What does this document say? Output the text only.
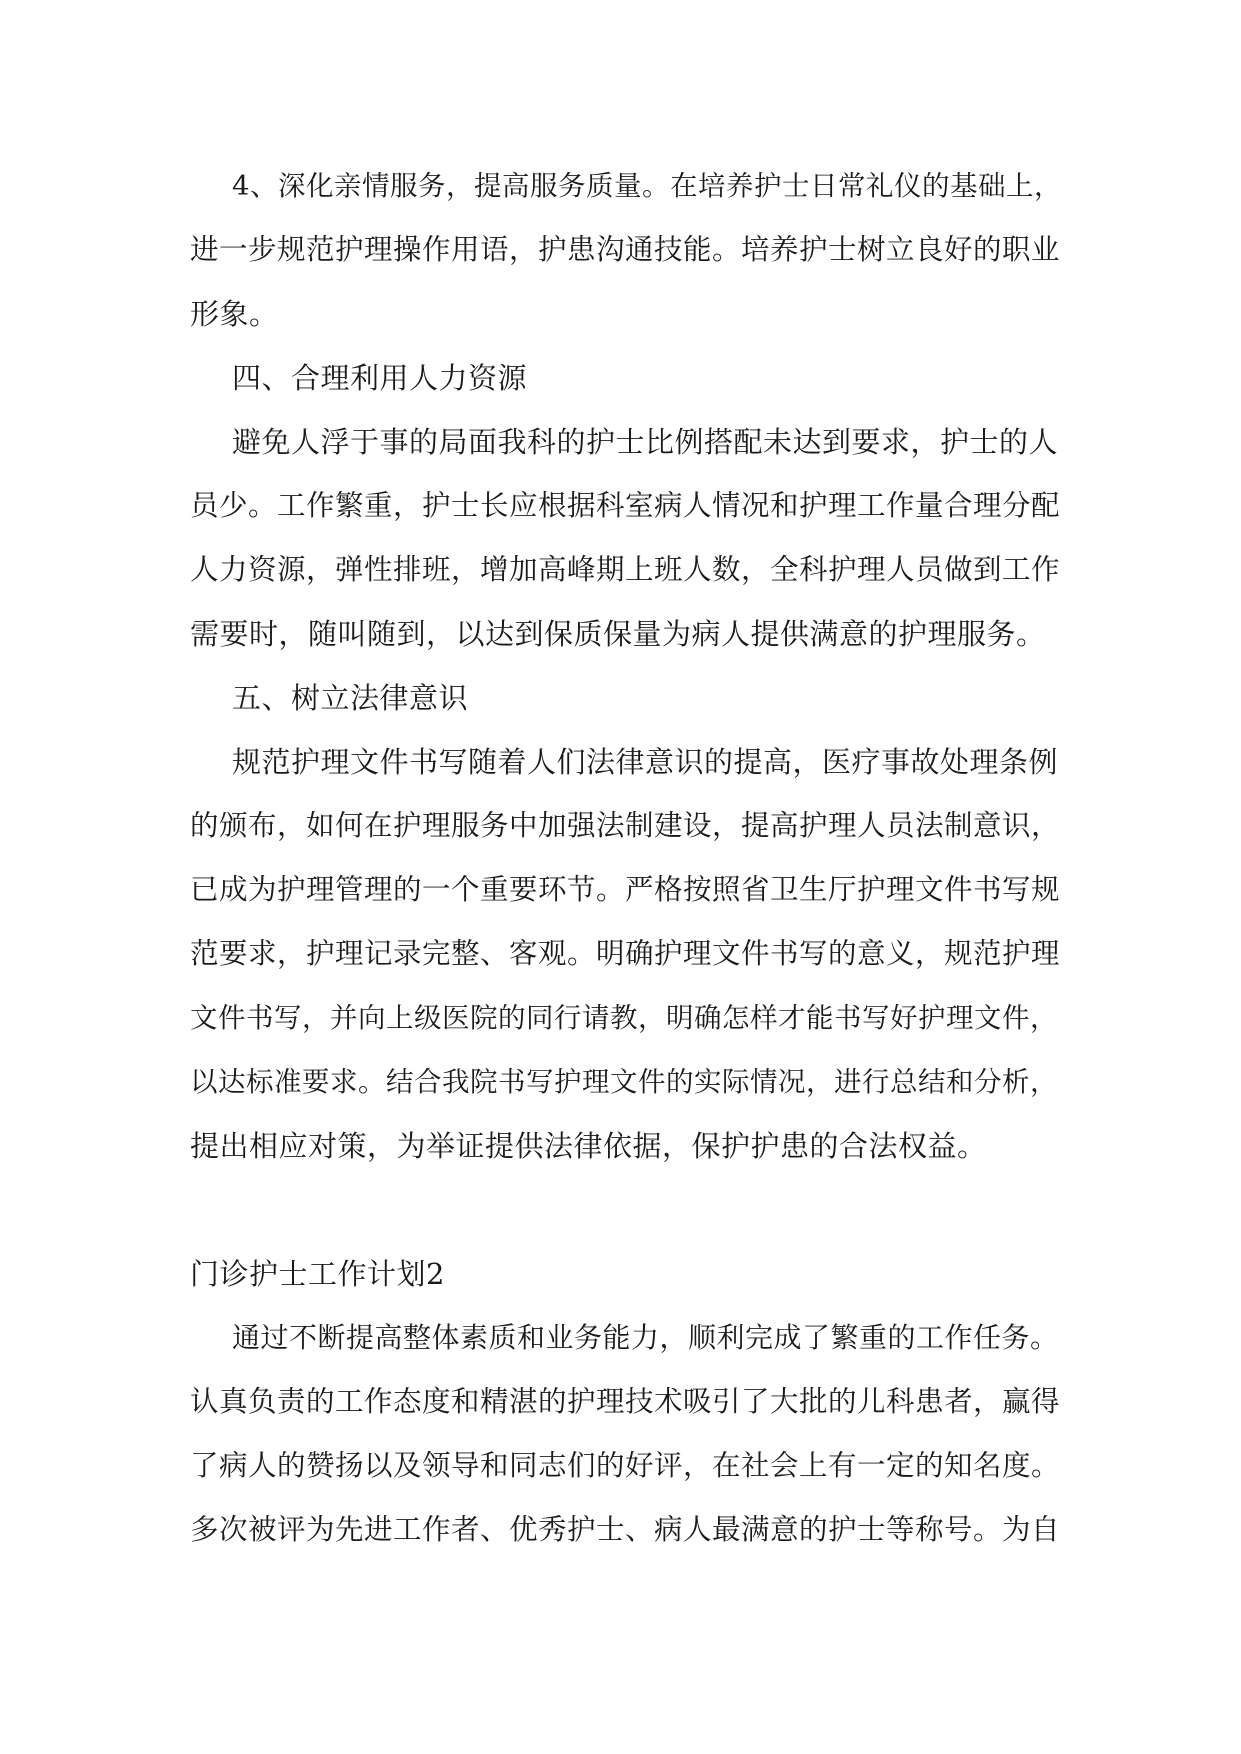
4、深化亲情服务，提高服务质量。在培养护士日常礼仪的基础上，
进一步规范护理操作用语，护患沟通技能。培养护士树立良好的职业
形象。
四、合理利用人力资源
避免人浮于事的局面我科的护士比例搭配未达到要求，护士的人
员少。工作繁重，护士长应根据科室病人情况和护理工作量合理分配
人力资源，弹性排班，增加高峰期上班人数，全科护理人员做到工作
需要时，随叫随到，以达到保质保量为病人提供满意的护理服务。
五、树立法律意识
规范护理文件书写随着人们法律意识的提高，医疗事故处理条例
的颁布，如何在护理服务中加强法制建设，提高护理人员法制意识，
已成为护理管理的一个重要环节。严格按照省卫生厅护理文件书写规
范要求，护理记录完整、客观。明确护理文件书写的意义，规范护理
文件书写，并向上级医院的同行请教，明确怎样才能书写好护理文件，
以达标准要求。结合我院书写护理文件的实际情况，进行总结和分析，
提出相应对策，为举证提供法律依据，保护护患的合法权益。
门诊护士工作计划2
通过不断提高整体素质和业务能力，顺利完成了繁重的工作任务。
认真负责的工作态度和精湛的护理技术吸引了大批的儿科患者，赢得
了病人的赞扬以及领导和同志们的好评，在社会上有一定的知名度。
多次被评为先进工作者、优秀护士、病人最满意的护士等称号。为自
